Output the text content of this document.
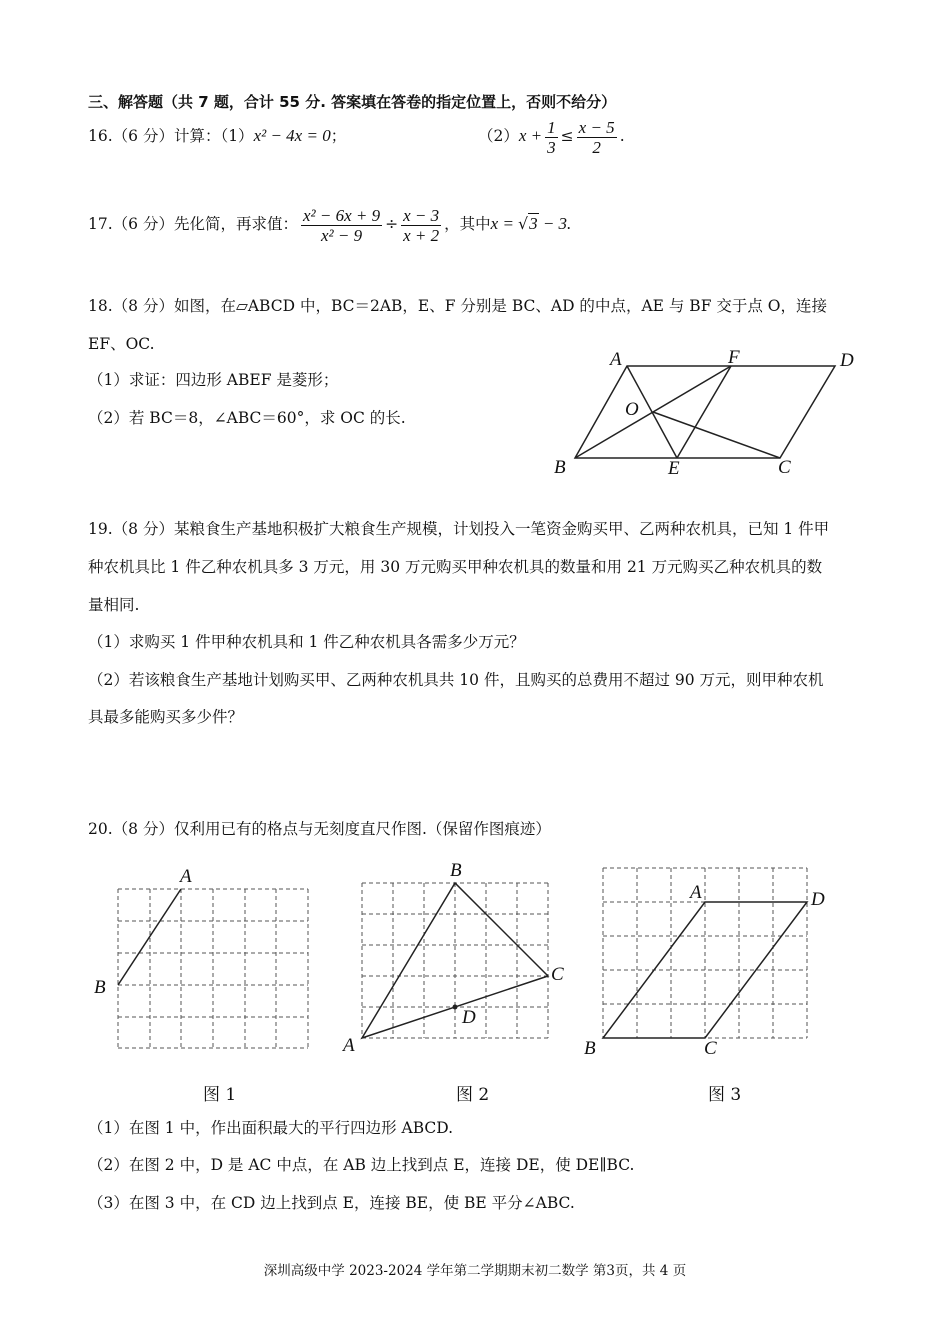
三、解答题（共 7 题，合计 55 分. 答案填在答卷的指定位置上，否则不给分）
16.（6 分）计算：（1）x² − 4x = 0；	$(2)x + \frac{1}{3} \le \frac{x - 5}{2}$ .
17.（6 分）先化简，再求值： $\frac{\text{x² − 6x + 9}}{\text{x² − 9}} \div \frac{x - 3}{x + 2}$ ，其中x = √3 − 3.
18.（8 分）如图，在▱ABCD 中，BC＝2AB，E、F 分别是 BC、AD 的中点，AE 与 BF 交于点 O，连接
EF、OC.
（1）求证：四边形 ABEF 是菱形；
（2）若 BC＝8，∠ABC＝60°，求 OC 的长.
A	F	D
O
B	E	C
19.（8 分）某粮食生产基地积极扩大粮食生产规模，计划投入一笔资金购买甲、乙两种农机具，已知 1 件甲
种农机具比 1 件乙种农机具多 3 万元，用 30 万元购买甲种农机具的数量和用 21 万元购买乙种农机具的数
量相同.
（1）求购买 1 件甲种农机具和 1 件乙种农机具各需多少万元？
（2）若该粮食生产基地计划购买甲、乙两种农机具共 10 件，且购买的总费用不超过 90 万元，则甲种农机
具最多能购买多少件？
20.（8 分）仅利用已有的格点与无刻度直尺作图.（保留作图痕迹）
A
B
B
C
D
A
A	D
B	C
图 1	图 2	图 3
（1）在图 1 中，作出面积最大的平行四边形 ABCD.
（2）在图 2 中，D 是 AC 中点，在 AB 边上找到点 E，连接 DE，使 DE∥BC.
（3）在图 3 中，在 CD 边上找到点 E，连接 BE，使 BE 平分∠ABC.
深圳高级中学 2023-2024 学年第二学期期末初二数学 第3页，共 4 页
